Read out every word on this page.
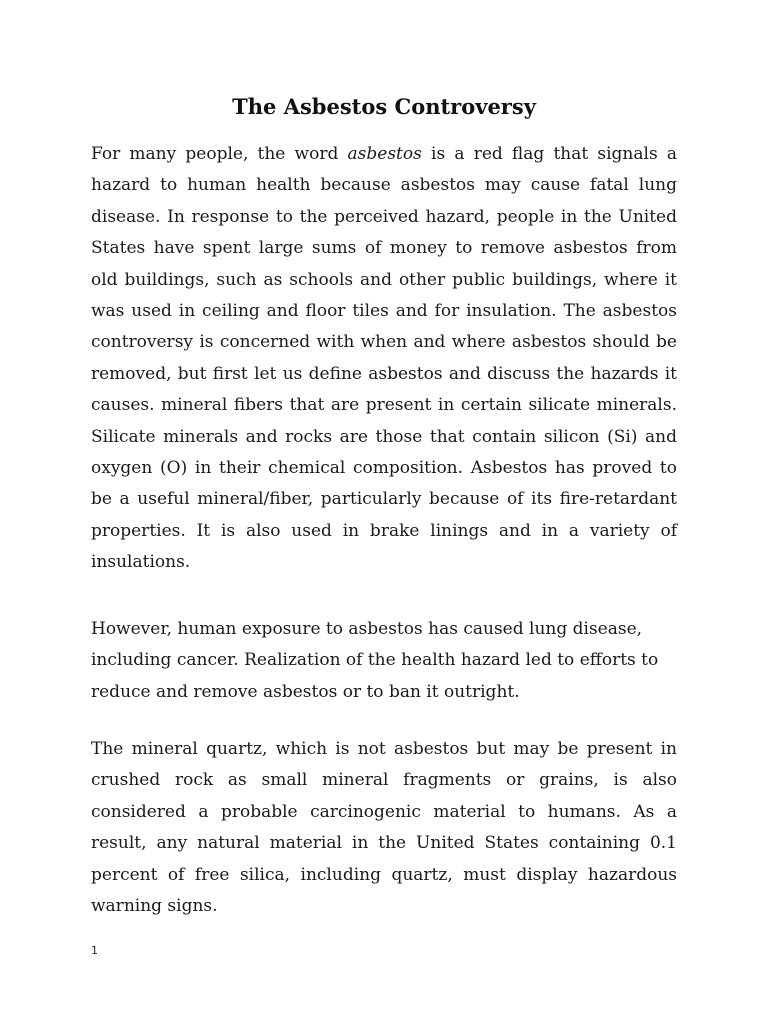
The Asbestos Controversy

For many people, the word asbestos is a red flag that signals a hazard to human health because asbestos may cause fatal lung disease. In response to the perceived hazard, people in the United States have spent large sums of money to remove asbestos from old buildings, such as schools and other public buildings, where it was used in ceiling and floor tiles and for insulation. The asbestos controversy is concerned with when and where asbestos should be removed, but first let us define asbestos and discuss the hazards it causes. mineral fibers that are present in certain silicate minerals. Silicate minerals and rocks are those that contain silicon (Si) and oxygen (O) in their chemical composition. Asbestos has proved to be a useful mineral/fiber, particularly because of its fire-retardant properties. It is also used in brake linings and in a variety of insulations.

However, human exposure to asbestos has caused lung disease, including cancer. Realization of the health hazard led to efforts to reduce and remove asbestos or to ban it outright.

The mineral quartz, which is not asbestos but may be present in crushed rock as small mineral fragments or grains, is also considered a probable carcinogenic material to humans. As a result, any natural material in the United States containing 0.1 percent of free silica, including quartz, must display hazardous warning signs.

1
